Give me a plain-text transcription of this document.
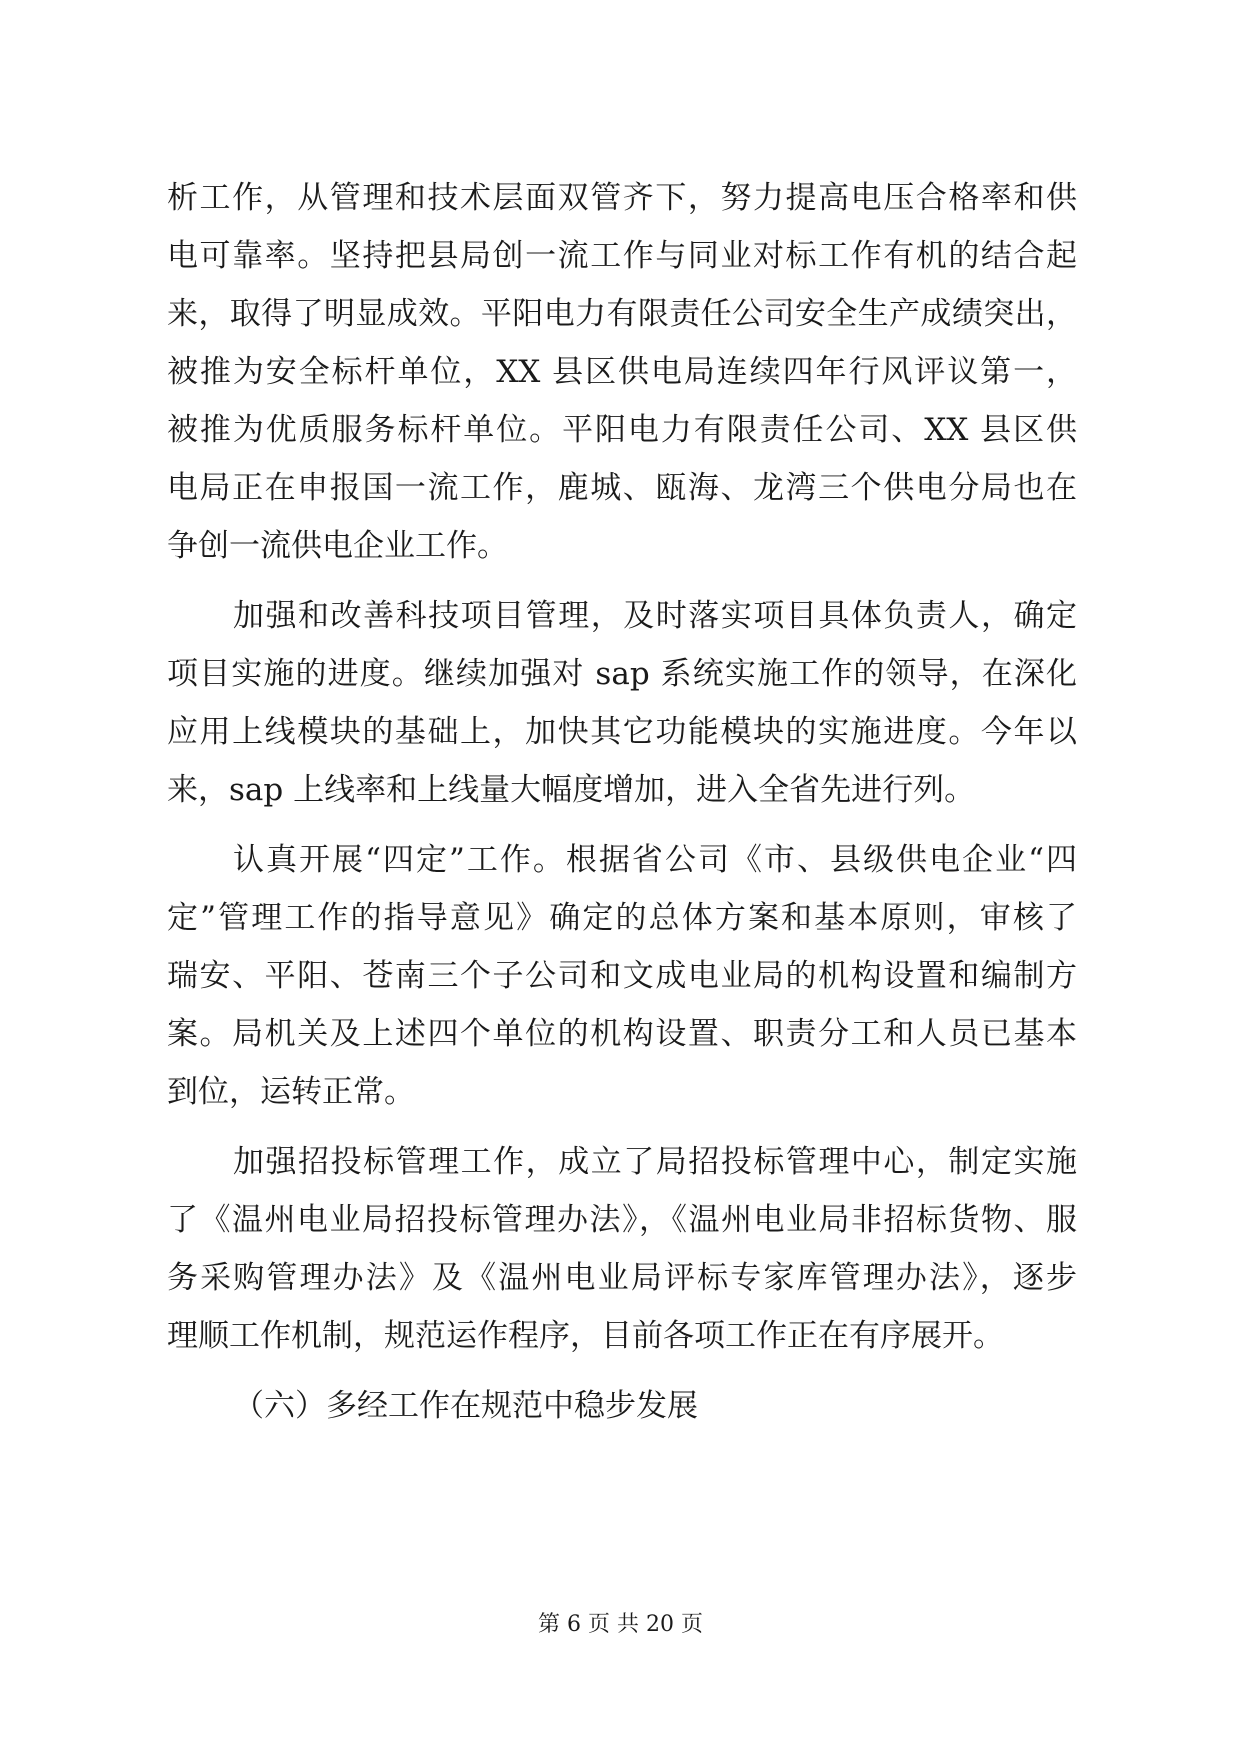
析工作，从管理和技术层面双管齐下，努力提高电压合格率和供
电可靠率。坚持把县局创一流工作与同业对标工作有机的结合起
来，取得了明显成效。平阳电力有限责任公司安全生产成绩突出，
被推为安全标杆单位，XX 县区供电局连续四年行风评议第一，
被推为优质服务标杆单位。平阳电力有限责任公司、XX 县区供
电局正在申报国一流工作，鹿城、瓯海、龙湾三个供电分局也在
争创一流供电企业工作。
加强和改善科技项目管理，及时落实项目具体负责人，确定
项目实施的进度。继续加强对 sap 系统实施工作的领导，在深化
应用上线模块的基础上，加快其它功能模块的实施进度。今年以
来，sap 上线率和上线量大幅度增加，进入全省先进行列。
认真开展“四定”工作。根据省公司《市、县级供电企业“四
定”管理工作的指导意见》确定的总体方案和基本原则，审核了
瑞安、平阳、苍南三个子公司和文成电业局的机构设置和编制方
案。局机关及上述四个单位的机构设置、职责分工和人员已基本
到位，运转正常。
加强招投标管理工作，成立了局招投标管理中心，制定实施
了《温州电业局招投标管理办法》，《温州电业局非招标货物、服
务采购管理办法》及《温州电业局评标专家库管理办法》，逐步
理顺工作机制，规范运作程序，目前各项工作正在有序展开。
（六）多经工作在规范中稳步发展
第 6 页 共 20 页
